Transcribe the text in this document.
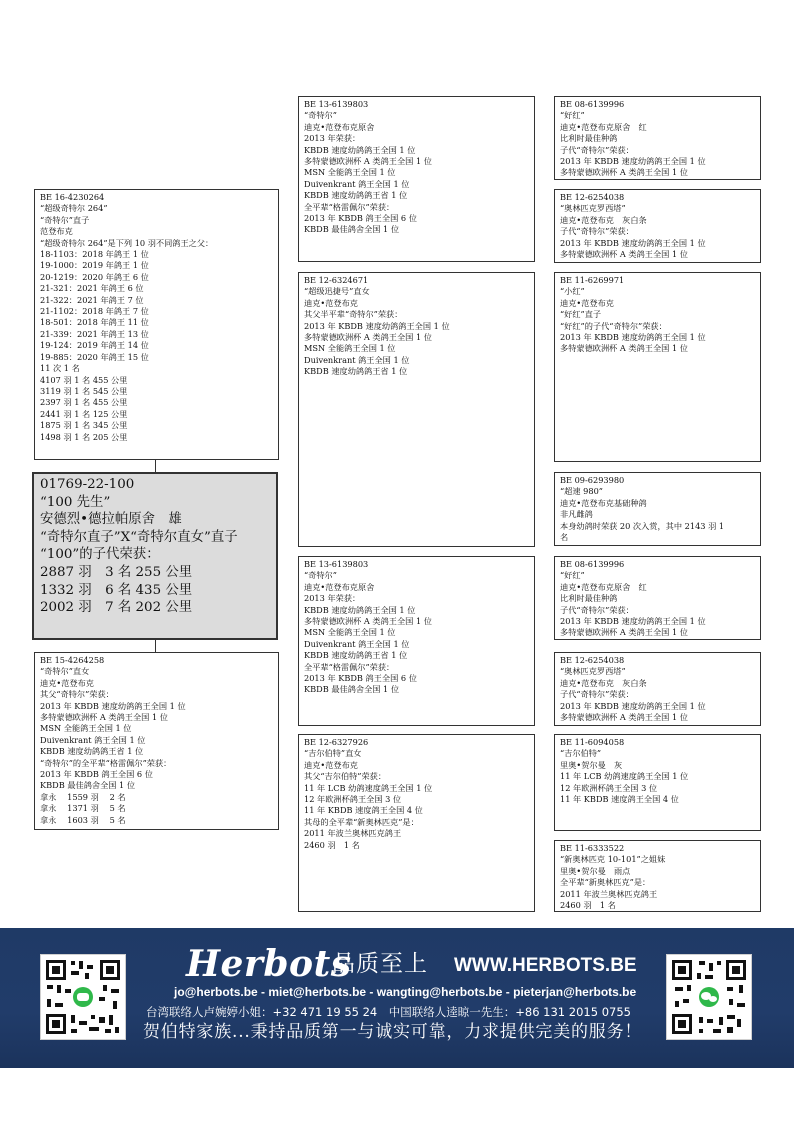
BE 16-4230264
“超级奇特尔 264”
“奇特尔”直子
范登布克
“超级奇特尔 264”是下列 10 羽不同鸽王之父：
18-1103：2018 年鸽王 1 位
19-1000：2019 年鸽王 1 位
20-1219：2020 年鸽王 6 位
21-321：2021 年鸽王 6 位
21-322：2021 年鸽王 7 位
21-1102：2018 年鸽王 7 位
18-501：2018 年鸽王 11 位
21-339：2021 年鸽王 13 位
19-124：2019 年鸽王 14 位
19-885：2020 年鸽王 15 位
11 次 1 名
4107 羽 1 名 455 公里
3119 羽 1 名 545 公里
2397 羽 1 名 455 公里
2441 羽 1 名 125 公里
1875 羽 1 名 345 公里
1498 羽 1 名 205 公里
01769-22-100
“100 先生”
安德烈•德拉帕原舍　雄
“奇特尔直子”X“奇特尔直女”直子
“100”的子代荣获：
2887 羽　3 名 255 公里
1332 羽　6 名 435 公里
2002 羽　7 名 202 公里
BE 15-4264258
“奇特尔”直女
迪克•范登布克
其父“奇特尔”荣获：
2013 年 KBDB 速度幼鸽鸽王全国 1 位
多特蒙德欧洲杯 A 类鸽王全国 1 位
MSN 全能鸽王全国 1 位
Duivenkrant 鸽王全国 1 位
KBDB 速度幼鸽鸽王省 1 位
“奇特尔”的全平辈“格雷佩尔”荣获：
2013 年 KBDB 鸽王全国 6 位
KBDB 最佳鸽舍全国 1 位
拿永　 1559 羽　 2 名
拿永　 1371 羽　 5 名
拿永　 1603 羽　 5 名
BE 13-6139803
“奇特尔”
迪克•范登布克原舍
2013 年荣获：
KBDB 速度幼鸽鸽王全国 1 位
多特蒙德欧洲杯 A 类鸽王全国 1 位
MSN 全能鸽王全国 1 位
Duivenkrant 鸽王全国 1 位
KBDB 速度幼鸽鸽王省 1 位
全平辈“格雷佩尔”荣获：
2013 年 KBDB 鸽王全国 6 位
KBDB 最佳鸽舍全国 1 位
BE 12-6324671
“超级迅捷号”直女
迪克•范登布克
其父半平辈“奇特尔”荣获：
2013 年 KBDB 速度幼鸽鸽王全国 1 位
多特蒙德欧洲杯 A 类鸽王全国 1 位
MSN 全能鸽王全国 1 位
Duivenkrant 鸽王全国 1 位
KBDB 速度幼鸽鸽王省 1 位
BE 13-6139803
“奇特尔”
迪克•范登布克原舍
2013 年荣获：
KBDB 速度幼鸽鸽王全国 1 位
多特蒙德欧洲杯 A 类鸽王全国 1 位
MSN 全能鸽王全国 1 位
Duivenkrant 鸽王全国 1 位
KBDB 速度幼鸽鸽王省 1 位
全平辈“格雷佩尔”荣获：
2013 年 KBDB 鸽王全国 6 位
KBDB 最佳鸽舍全国 1 位
BE 12-6327926
“吉尔伯特”直女
迪克•范登布克
其父“吉尔伯特”荣获：
11 年 LCB 幼鸽速度鸽王全国 1 位
12 年欧洲杯鸽王全国 3 位
11 年 KBDB 速度鸽王全国 4 位
其母的全平辈“新奥林匹克”是：
2011 年波兰奥林匹克鸽王
2460 羽　1 名
BE 08-6139996
“好红”
迪克•范登布克原舍　红
比利时最佳种鸽
子代“奇特尔”荣获：
2013 年 KBDB 速度幼鸽鸽王全国 1 位
多特蒙德欧洲杯 A 类鸽王全国 1 位
BE 12-6254038
“奥林匹克罗西塔”
迪克•范登布克　灰白条
子代“奇特尔”荣获：
2013 年 KBDB 速度幼鸽鸽王全国 1 位
多特蒙德欧洲杯 A 类鸽王全国 1 位
BE 11-6269971
“小红”
迪克•范登布克
“好红”直子
“好红”的子代“奇特尔”荣获：
2013 年 KBDB 速度幼鸽鸽王全国 1 位
多特蒙德欧洲杯 A 类鸽王全国 1 位
BE 09-6293980
“超速 980”
迪克•范登布克基础种鸽
非凡雌鸽
本身幼鸽时荣获 20 次入赏，其中 2143 羽 1
名
BE 08-6139996
“好红”
迪克•范登布克原舍　红
比利时最佳种鸽
子代“奇特尔”荣获：
2013 年 KBDB 速度幼鸽鸽王全国 1 位
多特蒙德欧洲杯 A 类鸽王全国 1 位
BE 12-6254038
“奥林匹克罗西塔”
迪克•范登布克　灰白条
子代“奇特尔”荣获：
2013 年 KBDB 速度幼鸽鸽王全国 1 位
多特蒙德欧洲杯 A 类鸽王全国 1 位
BE 11-6094058
“吉尔伯特”
里奥•贺尔曼　灰
11 年 LCB 幼鸽速度鸽王全国 1 位
12 年欧洲杯鸽王全国 3 位
11 年 KBDB 速度鸽王全国 4 位
BE 11-6333522
“新奥林匹克 10-101”之姐妹
里奥•贺尔曼　雨点
全平辈“新奥林匹克”是：
2011 年波兰奥林匹克鸽王
2460 羽　1 名
Herbots
品质至上 WWW.HERBOTS.BE
jo@herbots.be - miet@herbots.be - wangting@herbots.be - pieterjan@herbots.be
台湾联络人卢婉婷小姐：+32 471 19 55 24　中国联络人逵晾一先生：+86 131 2015 0755
贺伯特家族...秉持品质第一与诚实可靠，力求提供完美的服务！
